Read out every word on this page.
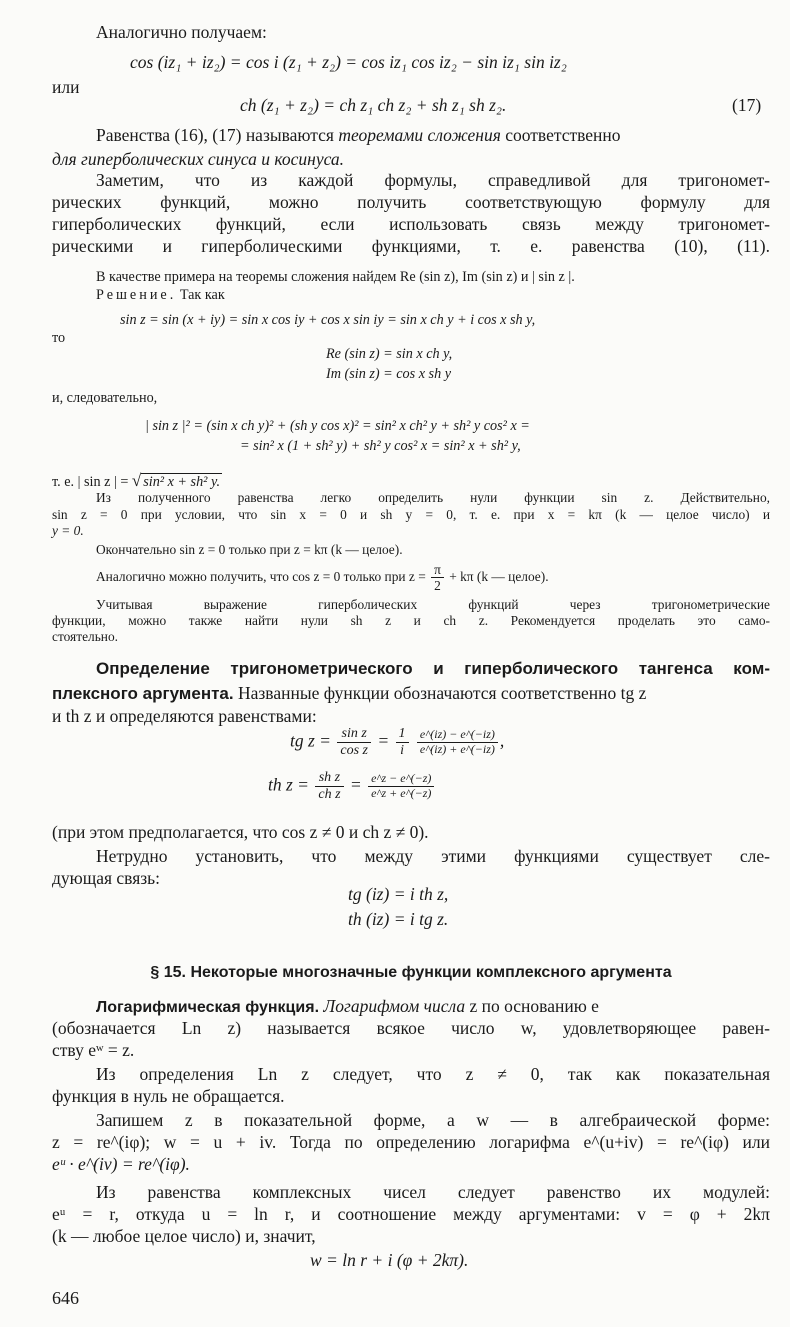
Аналогично получаем:
cos (iz₁ + iz₂) = cos i (z₁ + z₂) = cos iz₁ cos iz₂ − sin iz₁ sin iz₂
или
ch (z₁ + z₂) = ch z₁ ch z₂ + sh z₁ sh z₂.	(17)
Равенства (16), (17) называются теоремами сложения соответственно
для гиперболических синуса и косинуса.
Заметим, что из каждой формулы, справедливой для тригономет-
рических функций, можно получить соответствующую формулу для
гиперболических функций, если использовать связь между тригономет-
рическими и гиперболическими функциями, т. е. равенства (10), (11).
В качестве примера на теоремы сложения найдем Re (sin z), Im (sin z) и | sin z |.
Решение. Так как
sin z = sin (x + iy) = sin x cos iy + cos x sin iy = sin x ch y + i cos x sh y,
то
Re (sin z) = sin x ch y,
Im (sin z) = cos x sh y
и, следовательно,
| sin z |² = (sin x ch y)² + (sh y cos x)² = sin² x ch² y + sh² y cos² x =
= sin² x (1 + sh² y) + sh² y cos² x = sin² x + sh² y,
т. е. | sin z | = √ sin² x + sh² y.
Из полученного равенства легко определить нули функции sin z. Действительно,
sin z = 0 при условии, что sin x = 0 и sh y = 0, т. е. при x = kπ (k — целое число) и
y = 0.
Окончательно sin z = 0 только при z = kπ (k — целое).
Аналогично можно получить, что cos z = 0 только при $z = \frac{\pi}{2} + k\pi$ (k — целое).
Учитывая выражение гиперболических функций через тригонометрические
функции, можно также найти нули sh z и ch z. Рекомендуется проделать это само-
стоятельно.
Определение тригонометрического и гиперболического тангенса ком-
плексного аргумента. Названные функции обозначаются соответственно tg z
и th z и определяются равенствами:
tg $z = \frac{\text{sin z}}{\text{cos z}} = \frac{1}{i}$
$\frac{e\^{}(iz) - e\^{}(-iz)}{e\^{}(iz) + e\^{}(-iz)}$ ,
th $z = \frac{\text{sh z}}{\text{ch z}} = \frac{e\^{}z - e\^{}(-z)}{e\^{}z + e\^{}(-z)}$
(при этом предполагается, что cos z ≠ 0 и ch z ≠ 0).
Нетрудно установить, что между этими функциями существует сле-
дующая связь:
tg (iz) = i th z,
th (iz) = i tg z.
§ 15. Некоторые многозначные функции комплексного аргумента
Логарифмическая функция. Логарифмом числа z по основанию e
(обозначается Ln z) называется всякое число w, удовлетворяющее равен-
ству eʷ = z.
Из определения Ln z следует, что z ≠ 0, так как показательная
функция в нуль не обращается.
Запишем z в показательной форме, а w — в алгебраической форме:
z = re^(iφ); w = u + iv. Тогда по определению логарифма e^(u+iv) = re^(iφ) или
eᵘ · e^(iv) = re^(iφ).
Из равенства комплексных чисел следует равенство их модулей:
eᵘ = r, откуда u = ln r, и соотношение между аргументами: v = φ + 2kπ
(k — любое целое число) и, значит,
w = ln r + i (φ + 2kπ).
646
